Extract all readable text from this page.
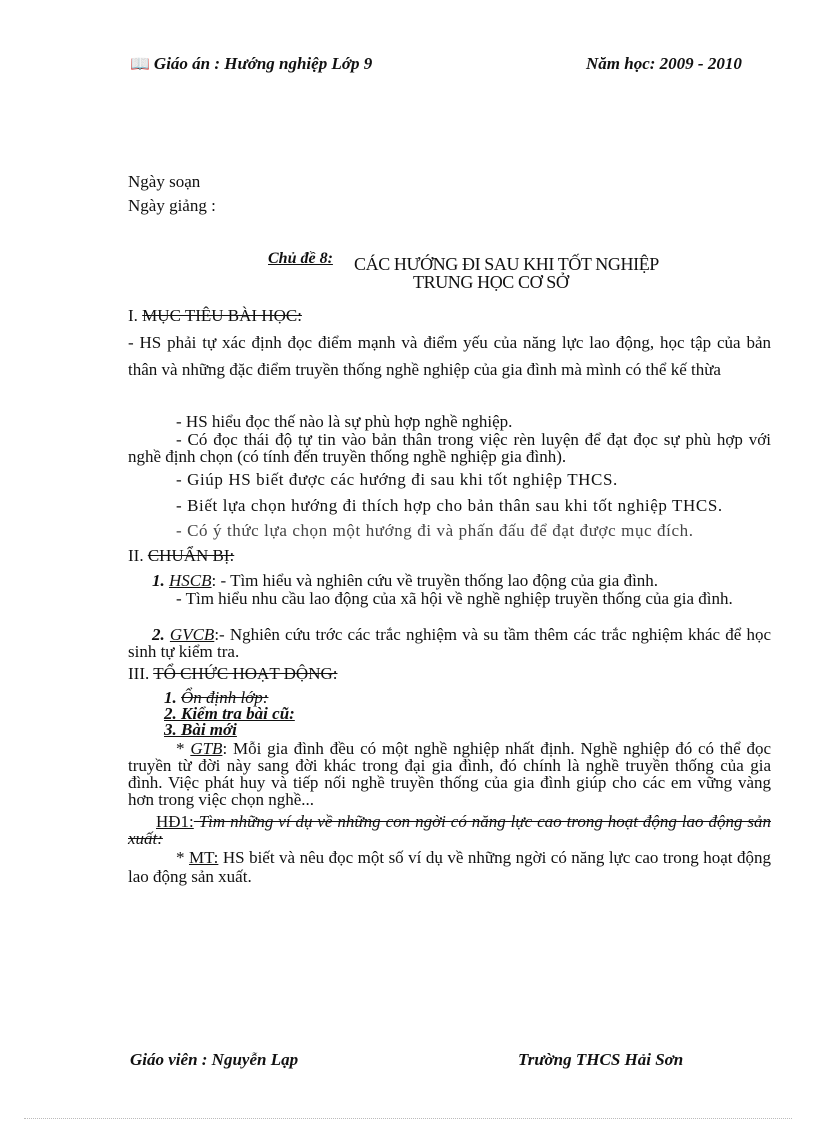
📖 Giáo án : Hướng nghiệp Lớp 9	Năm học: 2009 - 2010
Ngày soạn
Ngày giảng :
Chủ đề 8: CÁC HƯỚNG ĐI SAU KHI TỐT NGHIỆP
TRUNG HỌC CƠ SỞ
I. MỤC TIÊU BÀI HỌC:
- HS phải tự xác định đọc điểm mạnh và điểm yếu của năng lực lao động, học tập của bản thân và những đặc điểm truyền thống nghề nghiệp của gia đình mà mình có thể kế thừa
- HS hiểu đọc thế nào là sự phù hợp nghề nghiệp.
- Có đọc thái độ tự tin vào bản thân trong việc rèn luyện để đạt đọc sự phù hợp với nghề định chọn (có tính đến truyền thống nghề nghiệp gia đình).
- Giúp HS biết được các hướng đi sau khi tốt nghiệp THCS.
- Biết lựa chọn hướng đi thích hợp cho bản thân sau khi tốt nghiệp THCS.
- Có ý thức lựa chọn một hướng đi và phấn đấu để đạt được mục đích.
II. CHUẨN BỊ:
1. HSCB: - Tìm hiểu và nghiên cứu về truyền thống lao động của gia đình.
- Tìm hiểu nhu cầu lao động của xã hội về nghề nghiệp truyền thống của gia đình.
2. GVCB:- Nghiên cứu trớc các trắc nghiệm và su tầm thêm các trắc nghiệm khác để học sinh tự kiểm tra.
III. TỔ CHỨC HOẠT ĐỘNG:
1. Ổn định lớp:
2. Kiểm tra bài cũ:
3. Bài mới
* GTB: Mỗi gia đình đều có một nghề nghiệp nhất định. Nghề nghiệp đó có thể đọc truyền từ đời này sang đời khác trong đại gia đình, đó chính là nghề truyền thống của gia đình. Việc phát huy và tiếp nối nghề truyền thống của gia đình giúp cho các em vững vàng hơn trong việc chọn nghề...
HĐ1: Tìm những ví dụ về những con ngời có năng lực cao trong hoạt động lao động sản xuất:
* MT: HS biết và nêu đọc một số ví dụ về những ngời có năng lực cao trong hoạt động lao động sản xuất.
Giáo viên : Nguyễn Lạp	Trường THCS Hải Sơn
